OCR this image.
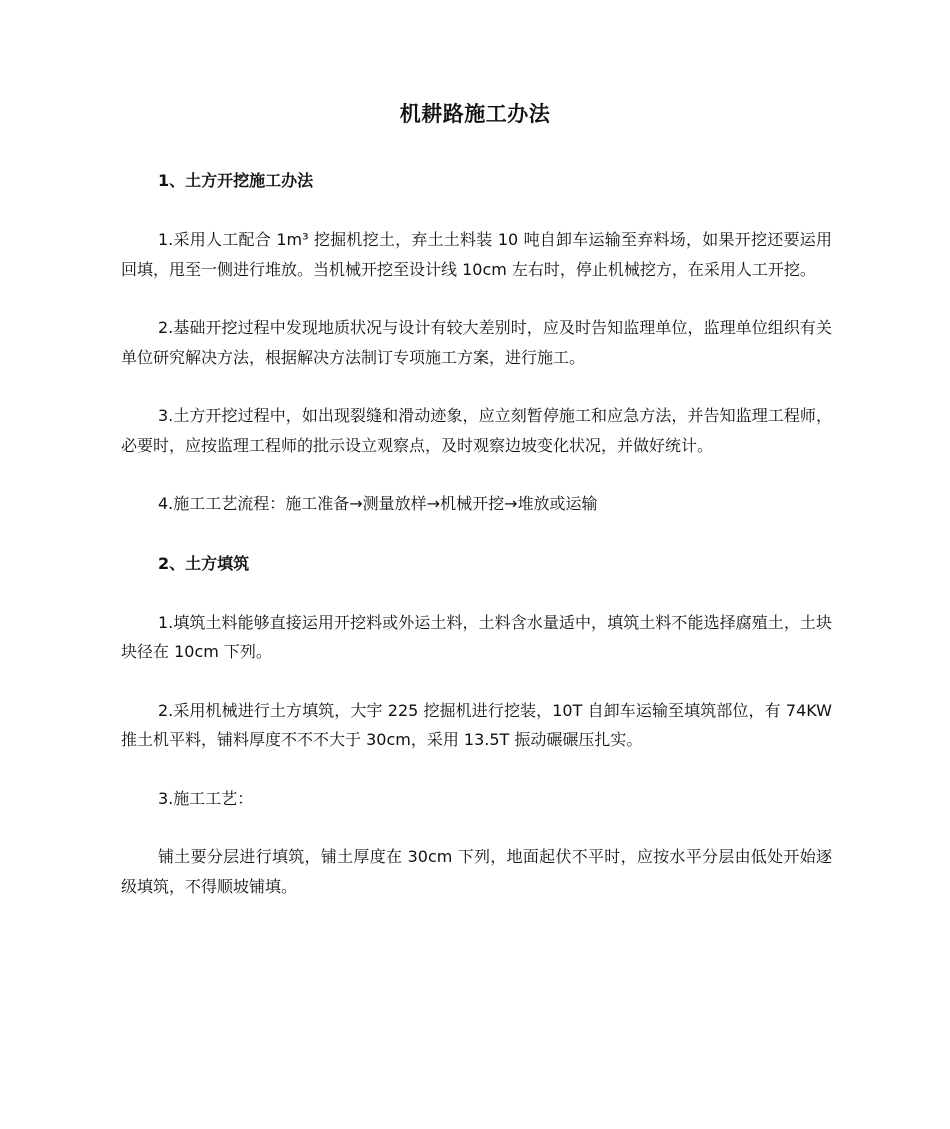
机耕路施工办法

1、土方开挖施工办法

1.采用人工配合 1m³ 挖掘机挖土，弃土土料装 10 吨自卸车运输至弃料场，如果开挖还要运用回填，甩至一侧进行堆放。当机械开挖至设计线 10cm 左右时，停止机械挖方，在采用人工开挖。

2.基础开挖过程中发现地质状况与设计有较大差别时，应及时告知监理单位，监理单位组织有关单位研究解决方法，根据解决方法制订专项施工方案，进行施工。

3.土方开挖过程中，如出现裂缝和滑动迹象，应立刻暂停施工和应急方法，并告知监理工程师，必要时，应按监理工程师的批示设立观察点，及时观察边坡变化状况，并做好统计。

4.施工工艺流程：施工准备→测量放样→机械开挖→堆放或运输

2、土方填筑

1.填筑土料能够直接运用开挖料或外运土料，土料含水量适中，填筑土料不能选择腐殖土，土块块径在 10cm 下列。

2.采用机械进行土方填筑，大宇 225 挖掘机进行挖装，10T 自卸车运输至填筑部位，有 74KW 推土机平料，铺料厚度不不不大于 30cm，采用 13.5T 振动碾碾压扎实。

3.施工工艺：

铺土要分层进行填筑，铺土厚度在 30cm 下列，地面起伏不平时，应按水平分层由低处开始逐级填筑，不得顺坡铺填。
